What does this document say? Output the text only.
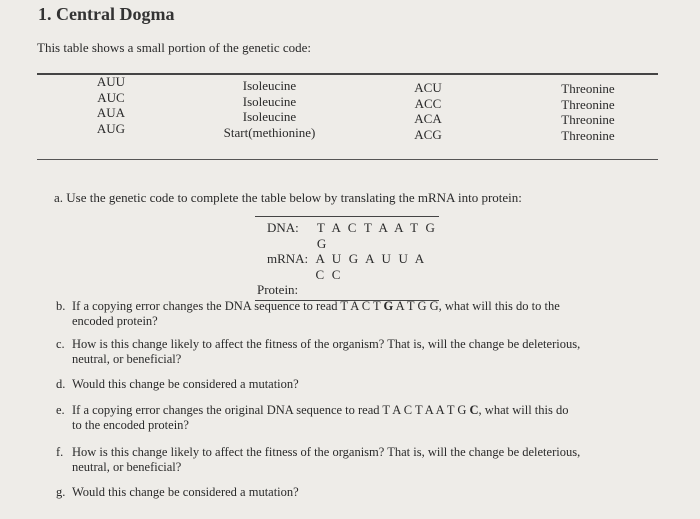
1. Central Dogma
This table shows a small portion of the genetic code:
AUU
AUC
AUA
AUG
Isoleucine
Isoleucine
Isoleucine
Start(methionine)
ACU
ACC
ACA
ACG
Threonine
Threonine
Threonine
Threonine
a. Use the genetic code to complete the table below by translating the mRNA into protein:
DNA:	T A C T A A T G G
mRNA: A U G A U U A C C
Protein:
b. If a copying error changes the DNA sequence to read T A C T G A T G G, what will this do to the
encoded protein?
c. How is this change likely to affect the fitness of the organism? That is, will the change be deleterious,
neutral, or beneficial?
d. Would this change be considered a mutation?
e. If a copying error changes the original DNA sequence to read T A C T A A T G C, what will this do
to the encoded protein?
f. How is this change likely to affect the fitness of the organism? That is, will the change be deleterious,
neutral, or beneficial?
g. Would this change be considered a mutation?
